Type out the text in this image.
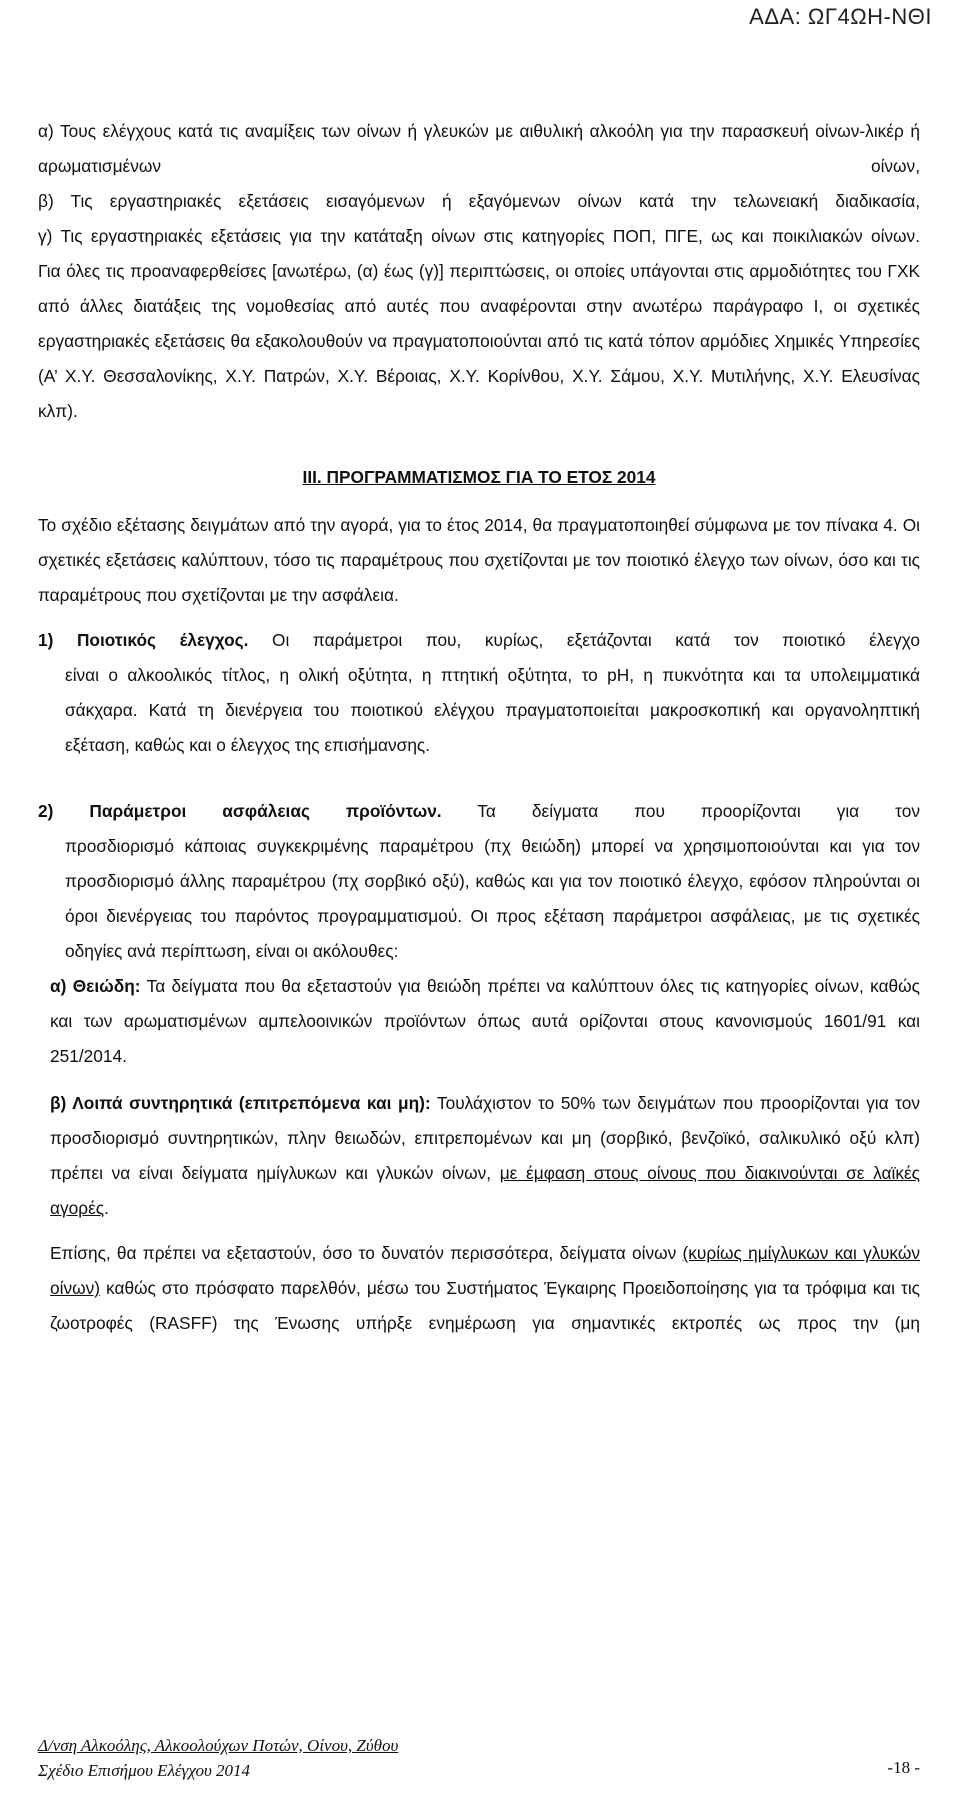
ΑΔΑ: ΩΓ4ΩΗ-ΝΘΙ

α) Τους ελέγχους κατά τις αναμίξεις των οίνων ή γλευκών με αιθυλική αλκοόλη για την παρασκευή οίνων-λικέρ ή αρωματισμένων οίνων,

β) Τις εργαστηριακές εξετάσεις εισαγόμενων ή εξαγόμενων οίνων κατά την τελωνειακή διαδικασία,

γ) Τις εργαστηριακές εξετάσεις για την κατάταξη οίνων στις κατηγορίες ΠΟΠ, ΠΓΕ, ως και ποικιλιακών οίνων.

Για όλες τις προαναφερθείσες [ανωτέρω, (α) έως (γ)] περιπτώσεις, οι οποίες υπάγονται στις αρμοδιότητες του ΓΧΚ από άλλες διατάξεις της νομοθεσίας από αυτές που αναφέρονται στην ανωτέρω παράγραφο Ι, οι σχετικές εργαστηριακές εξετάσεις θα εξακολουθούν να πραγματοποιούνται από τις κατά τόπον αρμόδιες Χημικές Υπηρεσίες (Α’ Χ.Υ. Θεσσαλονίκης, Χ.Υ. Πατρών, Χ.Υ. Βέροιας, Χ.Υ. Κορίνθου, Χ.Υ. Σάμου, Χ.Υ. Μυτιλήνης, Χ.Υ. Ελευσίνας κλπ).

ΙΙΙ. ΠΡΟΓΡΑΜΜΑΤΙΣΜΟΣ ΓΙΑ ΤΟ ΕΤΟΣ 2014

Το σχέδιο εξέτασης δειγμάτων από την αγορά, για το έτος 2014, θα πραγματοποιηθεί σύμφωνα με τον πίνακα 4. Οι σχετικές εξετάσεις καλύπτουν, τόσο τις παραμέτρους που σχετίζονται με τον ποιοτικό έλεγχο των οίνων, όσο και τις παραμέτρους που σχετίζονται με την ασφάλεια.

1) Ποιοτικός έλεγχος. Οι παράμετροι που, κυρίως, εξετάζονται κατά τον ποιοτικό έλεγχο

είναι ο αλκοολικός τίτλος, η ολική οξύτητα, η πτητική οξύτητα, το pH, η πυκνότητα και τα υπολειμματικά σάκχαρα. Κατά τη διενέργεια του ποιοτικού ελέγχου πραγματοποιείται μακροσκοπική και οργανοληπτική εξέταση, καθώς και ο έλεγχος της επισήμανσης.

2) Παράμετροι ασφάλειας προϊόντων. Τα δείγματα που προορίζονται για τον

προσδιορισμό κάποιας συγκεκριμένης παραμέτρου (πχ θειώδη) μπορεί να χρησιμοποιούνται και για τον προσδιορισμό άλλης παραμέτρου (πχ σορβικό οξύ), καθώς και για τον ποιοτικό έλεγχο, εφόσον πληρούνται οι όροι διενέργειας του παρόντος προγραμματισμού. Οι προς εξέταση παράμετροι ασφάλειας, με τις σχετικές οδηγίες ανά περίπτωση, είναι οι ακόλουθες:

α) Θειώδη: Τα δείγματα που θα εξεταστούν για θειώδη πρέπει να καλύπτουν όλες τις κατηγορίες οίνων, καθώς και των αρωματισμένων αμπελοοινικών προϊόντων όπως αυτά ορίζονται στους κανονισμούς 1601/91 και 251/2014.

β) Λοιπά συντηρητικά (επιτρεπόμενα και μη): Τουλάχιστον το 50% των δειγμάτων που προορίζονται για τον προσδιορισμό συντηρητικών, πλην θειωδών, επιτρεπομένων και μη (σορβικό, βενζοϊκό, σαλικυλικό οξύ κλπ) πρέπει να είναι δείγματα ημίγλυκων και γλυκών οίνων, με έμφαση στους οίνους που διακινούνται σε λαϊκές αγορές.

Επίσης, θα πρέπει να εξεταστούν, όσο το δυνατόν περισσότερα, δείγματα οίνων (κυρίως ημίγλυκων και γλυκών οίνων) καθώς στο πρόσφατο παρελθόν, μέσω του Συστήματος Έγκαιρης Προειδοποίησης για τα τρόφιμα και τις ζωοτροφές (RASFF) της Ένωσης υπήρξε ενημέρωση για σημαντικές εκτροπές ως προς την (μη

Δ/νση Αλκοόλης, Αλκοολούχων Ποτών, Οίνου, Ζύθου
Σχέδιο Επισήμου Ελέγχου 2014	-18 -
